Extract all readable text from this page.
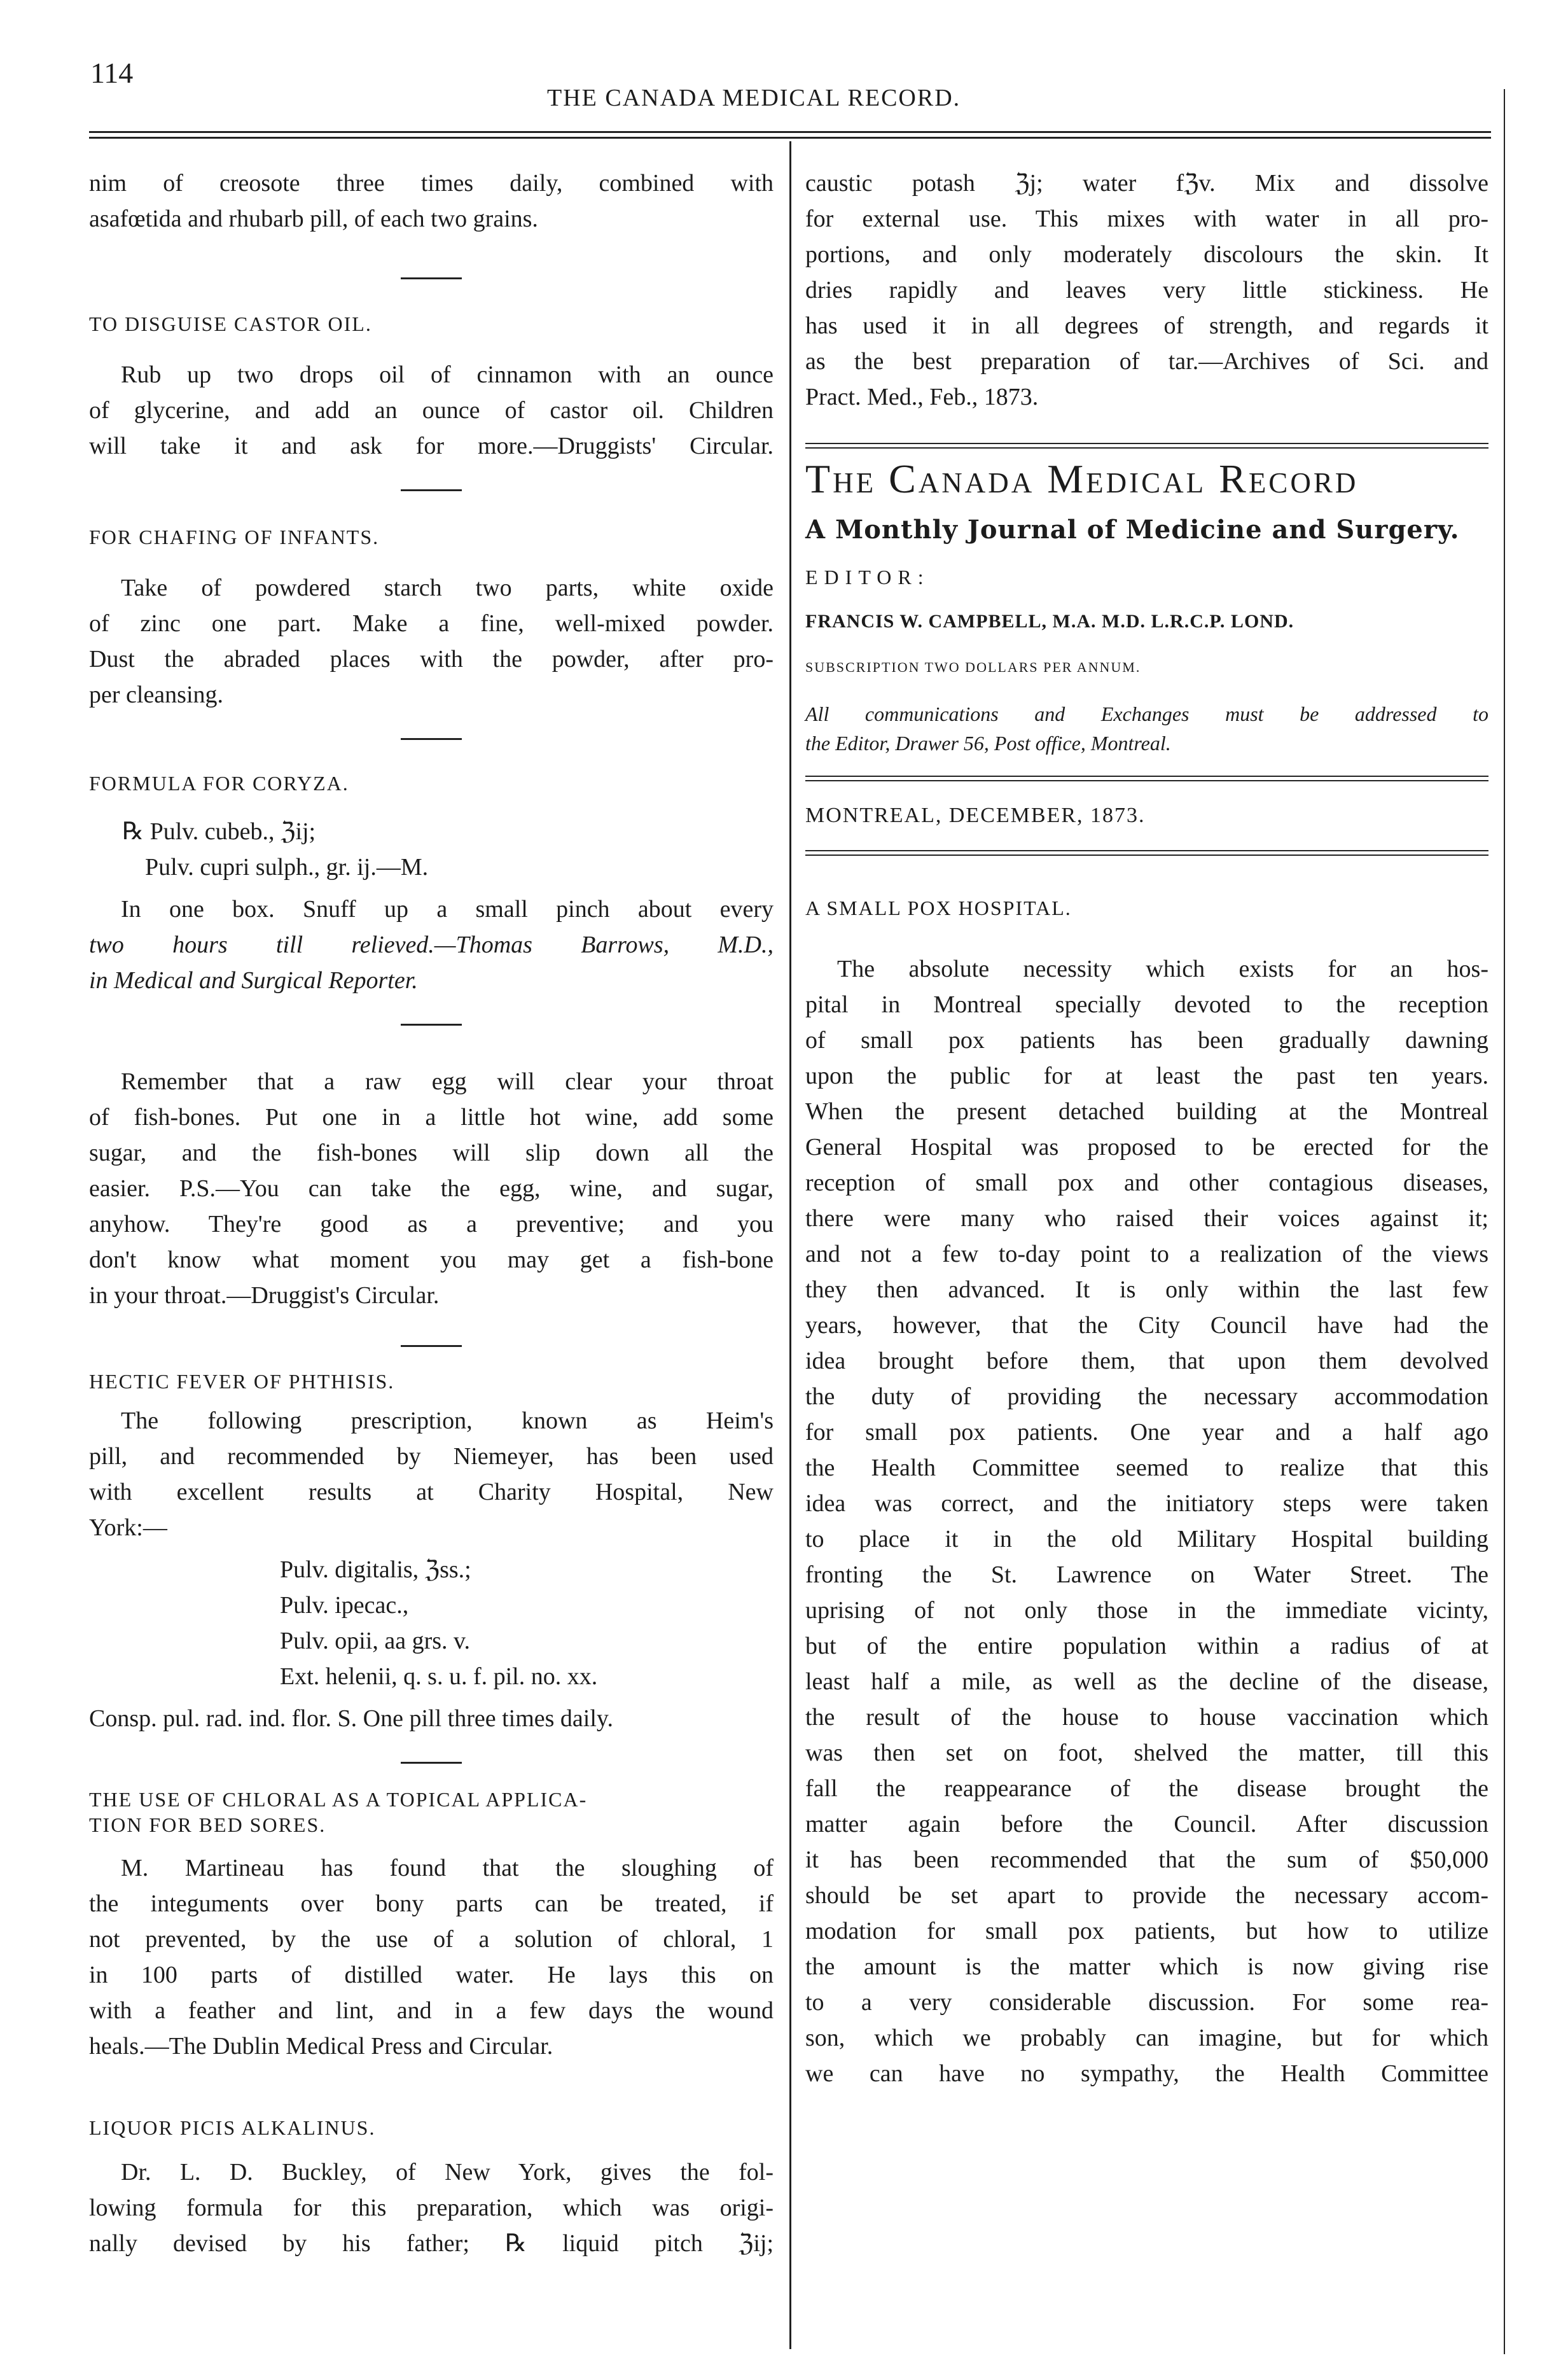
114
THE CANADA MEDICAL RECORD.

nim of creosote three times daily, combined with

asafœtida and rhubarb pill, of each two grains.

TO DISGUISE CASTOR OIL.

Rub up two drops oil of cinnamon with an ounce

of glycerine, and add an ounce of castor oil. Children

will take it and ask for more.—Druggists' Circular.

FOR CHAFING OF INFANTS.

Take of powdered starch two parts, white oxide

of zinc one part. Make a fine, well-mixed powder.

Dust the abraded places with the powder, after pro-

per cleansing.

FORMULA FOR CORYZA.

℞ Pulv. cubeb., ℨij;

Pulv. cupri sulph., gr. ij.—M.

In one box. Snuff up a small pinch about every

two hours till relieved.—Thomas Barrows, M.D.,

in Medical and Surgical Reporter.

Remember that a raw egg will clear your throat

of fish-bones. Put one in a little hot wine, add some

sugar, and the fish-bones will slip down all the

easier. P.S.—You can take the egg, wine, and sugar,

anyhow. They're good as a preventive; and you

don't know what moment you may get a fish-bone

in your throat.—Druggist's Circular.

HECTIC FEVER OF PHTHISIS.

The following prescription, known as Heim's

pill, and recommended by Niemeyer, has been used

with excellent results at Charity Hospital, New

York:—

Pulv. digitalis, ℨss.;

Pulv. ipecac.,

Pulv. opii, aa grs. v.

Ext. helenii, q. s. u. f. pil. no. xx.

Consp. pul. rad. ind. flor. S. One pill three times daily.

THE USE OF CHLORAL AS A TOPICAL APPLICA-

TION FOR BED SORES.

M. Martineau has found that the sloughing of

the integuments over bony parts can be treated, if

not prevented, by the use of a solution of chloral, 1

in 100 parts of distilled water. He lays this on

with a feather and lint, and in a few days the wound

heals.—The Dublin Medical Press and Circular.

LIQUOR PICIS ALKALINUS.

Dr. L. D. Buckley, of New York, gives the fol-

lowing formula for this preparation, which was origi-

nally devised by his father; ℞ liquid pitch ℨij;

caustic potash ℨj; water fℨv. Mix and dissolve

for external use. This mixes with water in all pro-

portions, and only moderately discolours the skin. It

dries rapidly and leaves very little stickiness. He

has used it in all degrees of strength, and regards it

as the best preparation of tar.—Archives of Sci. and

Pract. Med., Feb., 1873.

The Canada Medical Record

A Monthly Journal of Medicine and Surgery.

EDITOR:

FRANCIS W. CAMPBELL, M.A. M.D. L.R.C.P. LOND.

SUBSCRIPTION TWO DOLLARS PER ANNUM.

All communications and Exchanges must be addressed to

the Editor, Drawer 56, Post office, Montreal.

MONTREAL, DECEMBER, 1873.

A SMALL POX HOSPITAL.

The absolute necessity which exists for an hos-

pital in Montreal specially devoted to the reception

of small pox patients has been gradually dawning

upon the public for at least the past ten years.

When the present detached building at the Montreal

General Hospital was proposed to be erected for the

reception of small pox and other contagious diseases,

there were many who raised their voices against it;

and not a few to-day point to a realization of the views

they then advanced. It is only within the last few

years, however, that the City Council have had the

idea brought before them, that upon them devolved

the duty of providing the necessary accommodation

for small pox patients. One year and a half ago

the Health Committee seemed to realize that this

idea was correct, and the initiatory steps were taken

to place it in the old Military Hospital building

fronting the St. Lawrence on Water Street. The

uprising of not only those in the immediate vicinty,

but of the entire population within a radius of at

least half a mile, as well as the decline of the disease,

the result of the house to house vaccination which

was then set on foot, shelved the matter, till this

fall the reappearance of the disease brought the

matter again before the Council. After discussion

it has been recommended that the sum of $50,000

should be set apart to provide the necessary accom-

modation for small pox patients, but how to utilize

the amount is the matter which is now giving rise

to a very considerable discussion. For some rea-

son, which we probably can imagine, but for which

we can have no sympathy, the Health Committee
